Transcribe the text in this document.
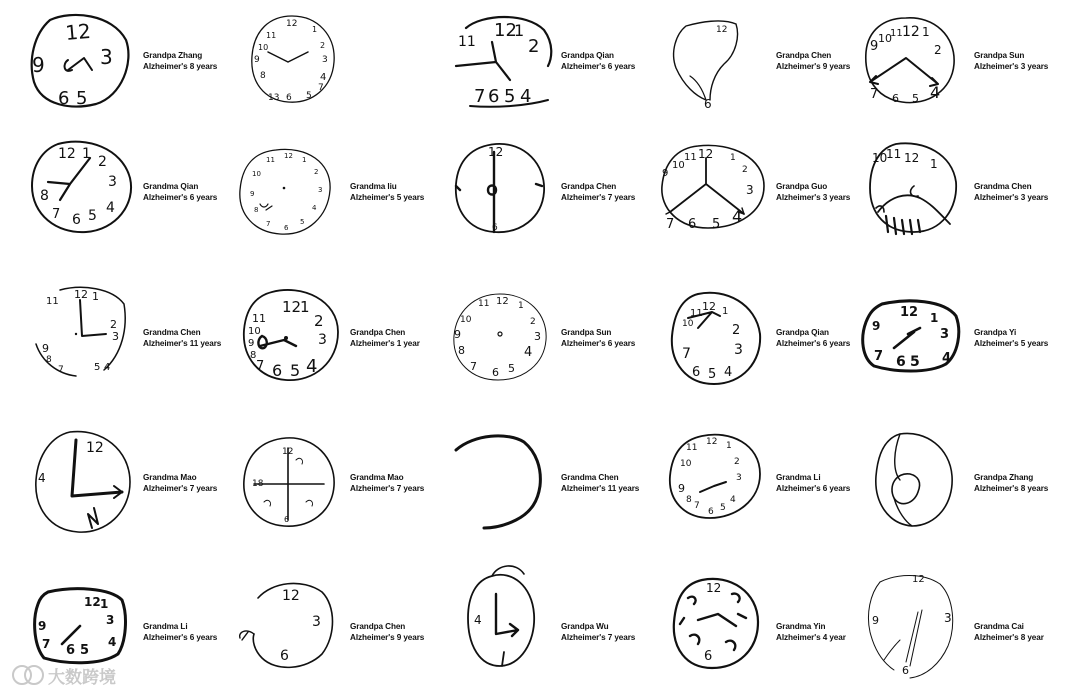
12
9	3
6 5
Grandpa Zhang
Alzheimer's 8 years
12
11
1
10	2
9	3
8	4
7
13 6 5
11
12
1
2
7 6 5 4
Grandpa Qian
Alzheimer's 6 years
12
6
Grandpa Chen
Alzheimer's 9 years
9
10
11 12 1
2
7 6 5 4
Grandpa Sun
Alzheimer's 3 years
12 1 2
3
8
7 6 5 4
Grandma Qian
Alzheimer's 6 years
11 12 1
10	2
9	3
8	4
7 6
5
Grandma liu
Alzheimer's 5 years
12
6
Grandpa Chen
Alzheimer's 7 years
9
10
11 12 1
2
3
7 6 5 4
Grandpa Guo
Alzheimer's 3 years
10
11 12 1
Grandma Chen
Alzheimer's 3 years
11
12 1
2
3
9
8
7	5 4
Grandma Chen
Alzheimer's 11 years
12
1
2
11
10
9
8
3
7 6 5 4
Grandpa Chen
Alzheimer's 1 year
11 12 1
10	2
9	3
8	4
7 6 5
Grandpa Sun
Alzheimer's 6 years
12
11
10
1
2
3
7
6 5 4
Grandpa Qian
Alzheimer's 6 years
12 1
9
3
7 6 5 4
Grandpa Yi
Alzheimer's 5 years
12
4	Grandma Mao
Alzheimer's 7 years
12
18
6
Grandma Mao
Alzheimer's 7 years
Grandma Chen
Alzheimer's 11 years
11
12 1
10	2
3
9
8
7
6 5
4
Grandma Li
Alzheimer's 6 years
Grandpa Zhang
Alzheimer's 8 years
12 1
9	3
7 6 5
4
Grandma Li
Alzheimer's 6 years
12
3
6
Grandpa Chen
Alzheimer's 9 years
4	Grandpa Wu
Alzheimer's 7 years
12
6
Grandma Yin
Alzheimer's 4 year
12
9	3
6
Grandma Cai
Alzheimer's 8 year
大数跨境
